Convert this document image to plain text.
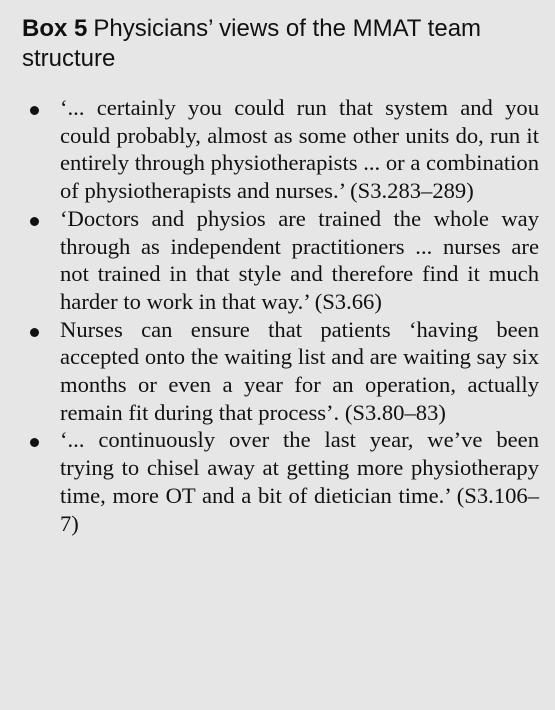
Box 5 Physicians’ views of the MMAT team structure
‘... certainly you could run that system and you could probably, almost as some other units do, run it entirely through physiotherapists ... or a combination of physiotherapists and nurses.’ (S3.283–289)
‘Doctors and physios are trained the whole way through as independent practitioners ... nurses are not trained in that style and therefore find it much harder to work in that way.’ (S3.66)
Nurses can ensure that patients ‘having been accepted onto the waiting list and are waiting say six months or even a year for an operation, actually remain fit during that process’. (S3.80–83)
‘... continuously over the last year, we’ve been trying to chisel away at getting more physiotherapy time, more OT and a bit of dietician time.’ (S3.106–7)
